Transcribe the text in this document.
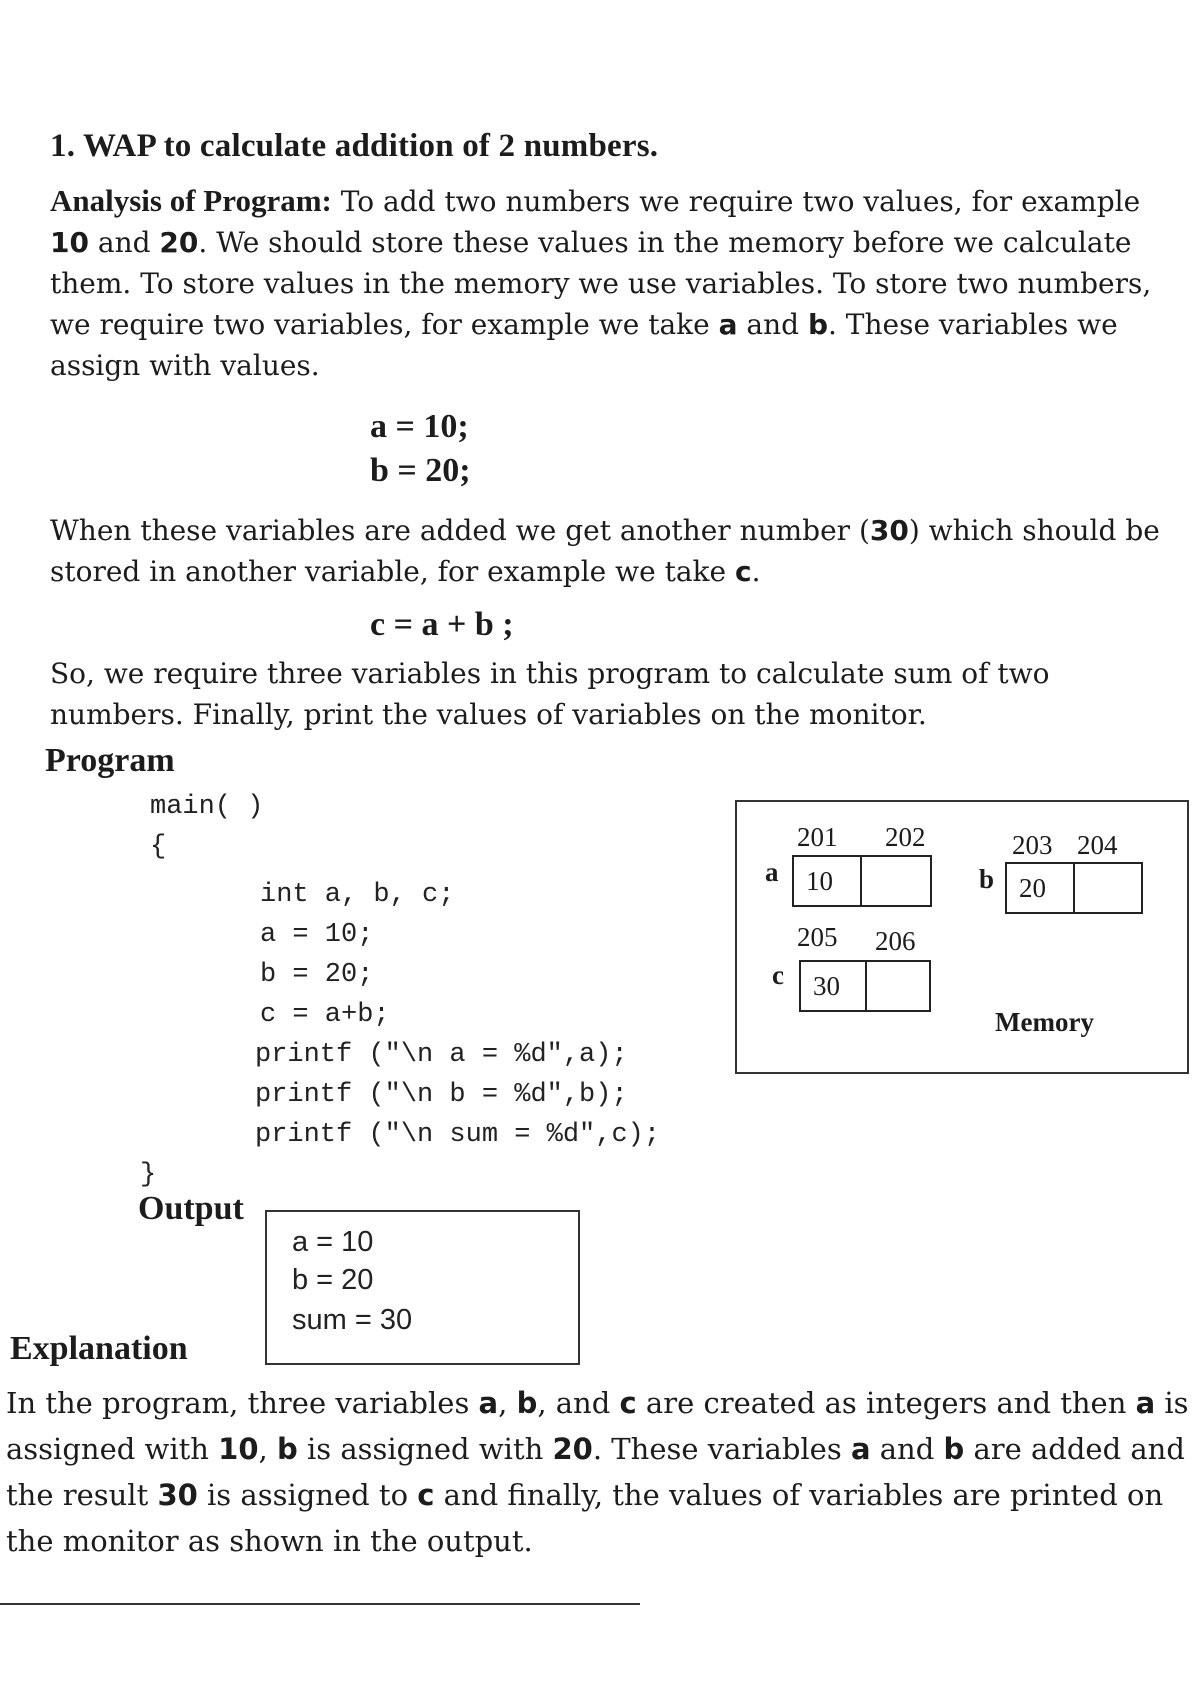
1. WAP to calculate addition of 2 numbers.
Analysis of Program: To add two numbers we require two values, for example 10 and 20. We should store these values in the memory before we calculate them. To store values in the memory we use variables. To store two numbers, we require two variables, for example we take a and b. These variables we assign with values.
a = 10;
b = 20;
When these variables are added we get another number (30) which should be stored in another variable, for example we take c.
c = a + b ;
So, we require three variables in this program to calculate sum of two numbers. Finally, print the values of variables on the monitor.
Program
main( )
{
int a, b, c;
a = 10;
b = 20;
c = a+b;
printf ("\n a = %d",a);
printf ("\n b = %d",b);
printf ("\n sum = %d",c);
}
201 202
a	10
203 204
b 20
205 206
c	30
Memory
Output
a = 10
b = 20
sum = 30
Explanation
In the program, three variables a, b, and c are created as integers and then a is assigned with 10, b is assigned with 20. These variables a and b are added and the result 30 is assigned to c and finally, the values of variables are printed on the monitor as shown in the output.
